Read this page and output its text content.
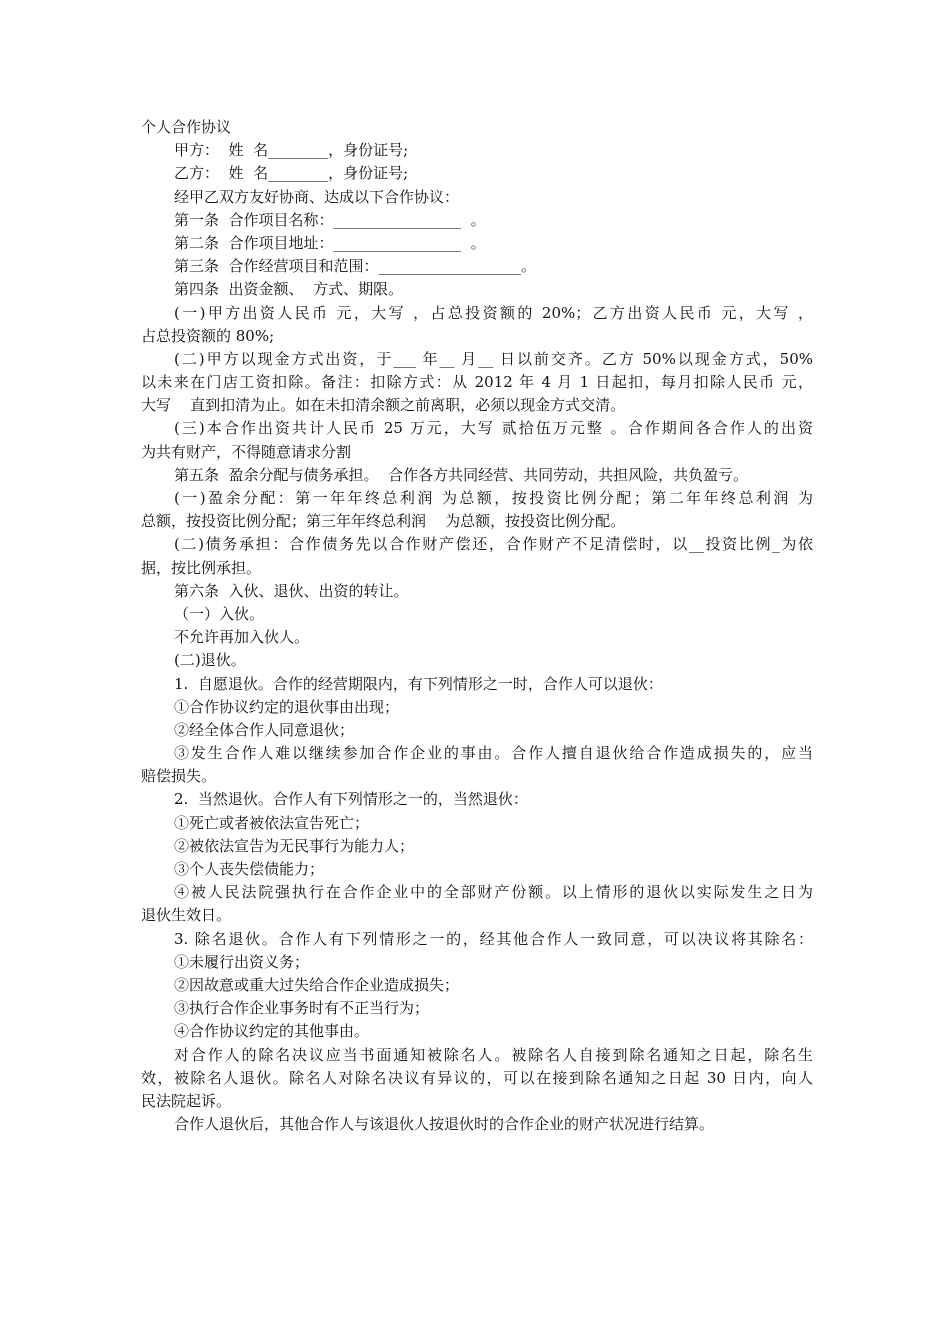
个人合作协议
甲方：  姓  名________，身份证号;
乙方：  姓  名________，身份证号;
经甲乙双方友好协商、达成以下合作协议：
第一条  合作项目名称：_________________  。
第二条  合作项目地址：_________________  。
第三条  合作经营项目和范围：___________________。
第四条  出资金额、  方式、期限。
(一)甲方出资人民币 元，大写 ，占总投资额的 20%；乙方出资人民币 元，大写 ，
占总投资额的 80%;
(二)甲方以现金方式出资，于___ 年__ 月__ 日以前交齐。乙方 50%以现金方式，50%
以未来在门店工资扣除。备注：扣除方式：从 2012 年 4 月 1 日起扣，每月扣除人民币 元，
大写    直到扣清为止。如在未扣清余额之前离职，必须以现金方式交清。
(三)本合作出资共计人民币 25 万元，大写 贰拾伍万元整 。合作期间各合作人的出资
为共有财产，不得随意请求分割
第五条  盈余分配与债务承担。  合作各方共同经营、共同劳动，共担风险，共负盈亏。
(一)盈余分配：第一年年终总利润 为总额，按投资比例分配；第二年年终总利润 为
总额，按投资比例分配；第三年年终总利润    为总额，按投资比例分配。
(二)债务承担：合作债务先以合作财产偿还，合作财产不足清偿时，以__投资比例_为依
据，按比例承担。
第六条  入伙、退伙、出资的转让。
（一）入伙。
不允许再加入伙人。
(二)退伙。
1.  自愿退伙。合作的经营期限内，有下列情形之一时，合作人可以退伙：
①合作协议约定的退伙事由出现；
②经全体合作人同意退伙；
③发生合作人难以继续参加合作企业的事由。合作人擅自退伙给合作造成损失的，应当
赔偿损失。
2.  当然退伙。合作人有下列情形之一的，当然退伙：
①死亡或者被依法宣告死亡；
②被依法宣告为无民事行为能力人；
③个人丧失偿债能力；
④被人民法院强执行在合作企业中的全部财产份额。以上情形的退伙以实际发生之日为
退伙生效日。
3. 除名退伙。合作人有下列情形之一的，经其他合作人一致同意，可以决议将其除名：
①未履行出资义务；
②因故意或重大过失给合作企业造成损失；
③执行合作企业事务时有不正当行为；
④合作协议约定的其他事由。
对合作人的除名决议应当书面通知被除名人。被除名人自接到除名通知之日起，除名生
效，被除名人退伙。除名人对除名决议有异议的，可以在接到除名通知之日起 30 日内，向人
民法院起诉。
合作人退伙后，其他合作人与该退伙人按退伙时的合作企业的财产状况进行结算。
